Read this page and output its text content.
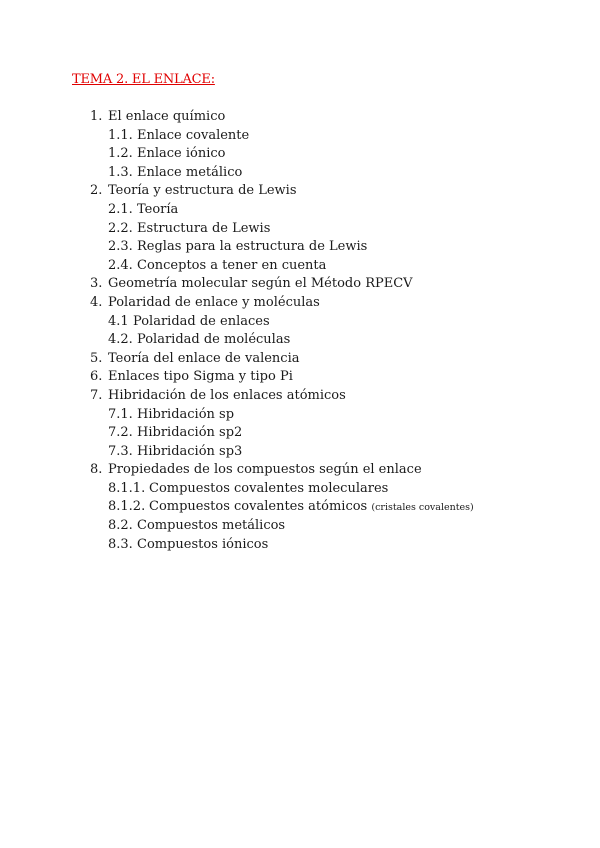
TEMA 2. EL ENLACE:
1. El enlace químico
1.1. Enlace covalente
1.2. Enlace iónico
1.3. Enlace metálico
2. Teoría y estructura de Lewis
2.1. Teoría
2.2. Estructura de Lewis
2.3. Reglas para la estructura de Lewis
2.4. Conceptos a tener en cuenta
3. Geometría molecular según el Método RPECV
4. Polaridad de enlace y moléculas
4.1 Polaridad de enlaces
4.2. Polaridad de moléculas
5. Teoría del enlace de valencia
6. Enlaces tipo Sigma y tipo Pi
7. Hibridación de los enlaces atómicos
7.1. Hibridación sp
7.2. Hibridación sp2
7.3. Hibridación sp3
8. Propiedades de los compuestos según el enlace
8.1.1. Compuestos covalentes moleculares
8.1.2. Compuestos covalentes atómicos (cristales covalentes)
8.2. Compuestos metálicos
8.3. Compuestos iónicos
